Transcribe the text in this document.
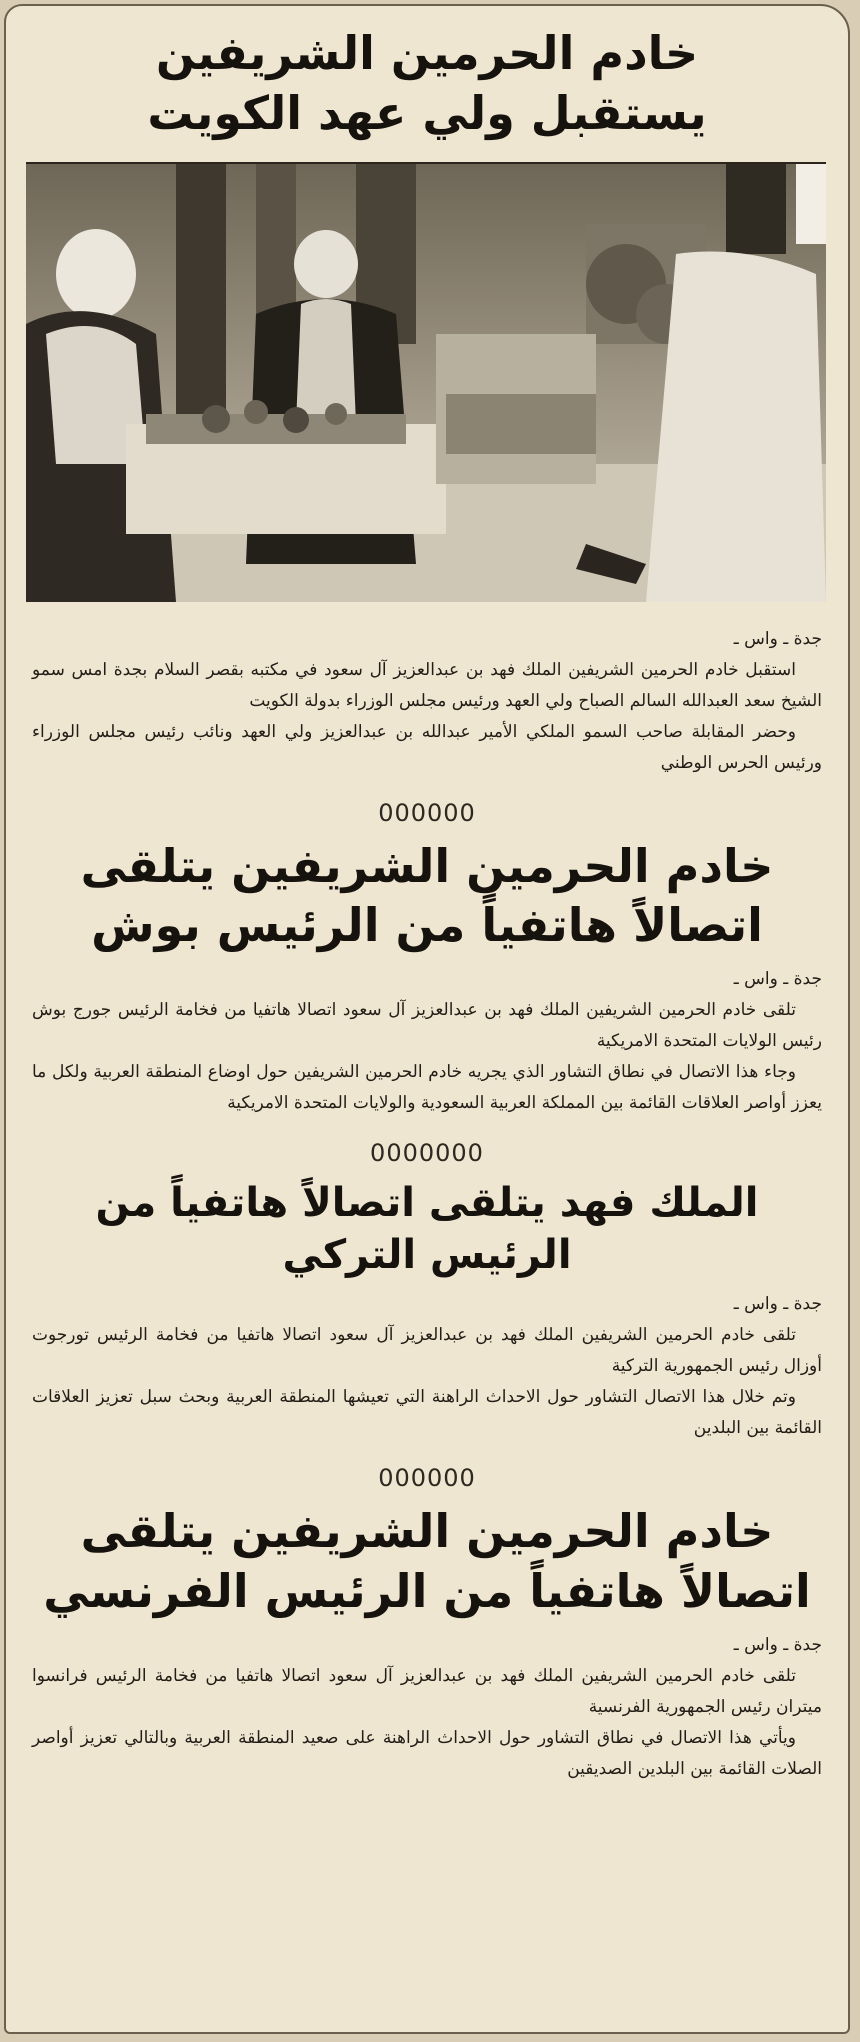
خادم الحرمين الشريفين
يستقبل ولي عهد الكويت

جدة ـ واس ـ

استقبل خادم الحرمين الشريفين الملك فهد بن عبدالعزيز آل سعود في مكتبه بقصر السلام بجدة امس سمو الشيخ سعد العبدالله السالم الصباح ولي العهد ورئيس مجلس الوزراء بدولة الكويت

وحضر المقابلة صاحب السمو الملكي الأمير عبدالله بن عبدالعزيز ولي العهد ونائب رئيس مجلس الوزراء ورئيس الحرس الوطني

000000
خادم الحرمين الشريفين يتلقى
اتصالاً هاتفياً من الرئيس بوش

جدة ـ واس ـ

تلقى خادم الحرمين الشريفين الملك فهد بن عبدالعزيز آل سعود اتصالا هاتفيا من فخامة الرئيس جورج بوش رئيس الولايات المتحدة الامريكية

وجاء هذا الاتصال في نطاق التشاور الذي يجريه خادم الحرمين الشريفين حول اوضاع المنطقة العربية ولكل ما يعزز أواصر العلاقات القائمة بين المملكة العربية السعودية والولايات المتحدة الامريكية

0000000
الملك فهد يتلقى اتصالاً هاتفياً من الرئيس التركي

جدة ـ واس ـ

تلقى خادم الحرمين الشريفين الملك فهد بن عبدالعزيز آل سعود اتصالا هاتفيا من فخامة الرئيس تورجوت أوزال رئيس الجمهورية التركية

وتم خلال هذا الاتصال التشاور حول الاحداث الراهنة التي تعيشها المنطقة العربية وبحث سبل تعزيز العلاقات القائمة بين البلدين

000000
خادم الحرمين الشريفين يتلقى
اتصالاً هاتفياً من الرئيس الفرنسي

جدة ـ واس ـ

تلقى خادم الحرمين الشريفين الملك فهد بن عبدالعزيز آل سعود اتصالا هاتفيا من فخامة الرئيس فرانسوا ميتران رئيس الجمهورية الفرنسية

ويأتي هذا الاتصال في نطاق التشاور حول الاحداث الراهنة على صعيد المنطقة العربية وبالتالي تعزيز أواصر الصلات القائمة بين البلدين الصديقين
